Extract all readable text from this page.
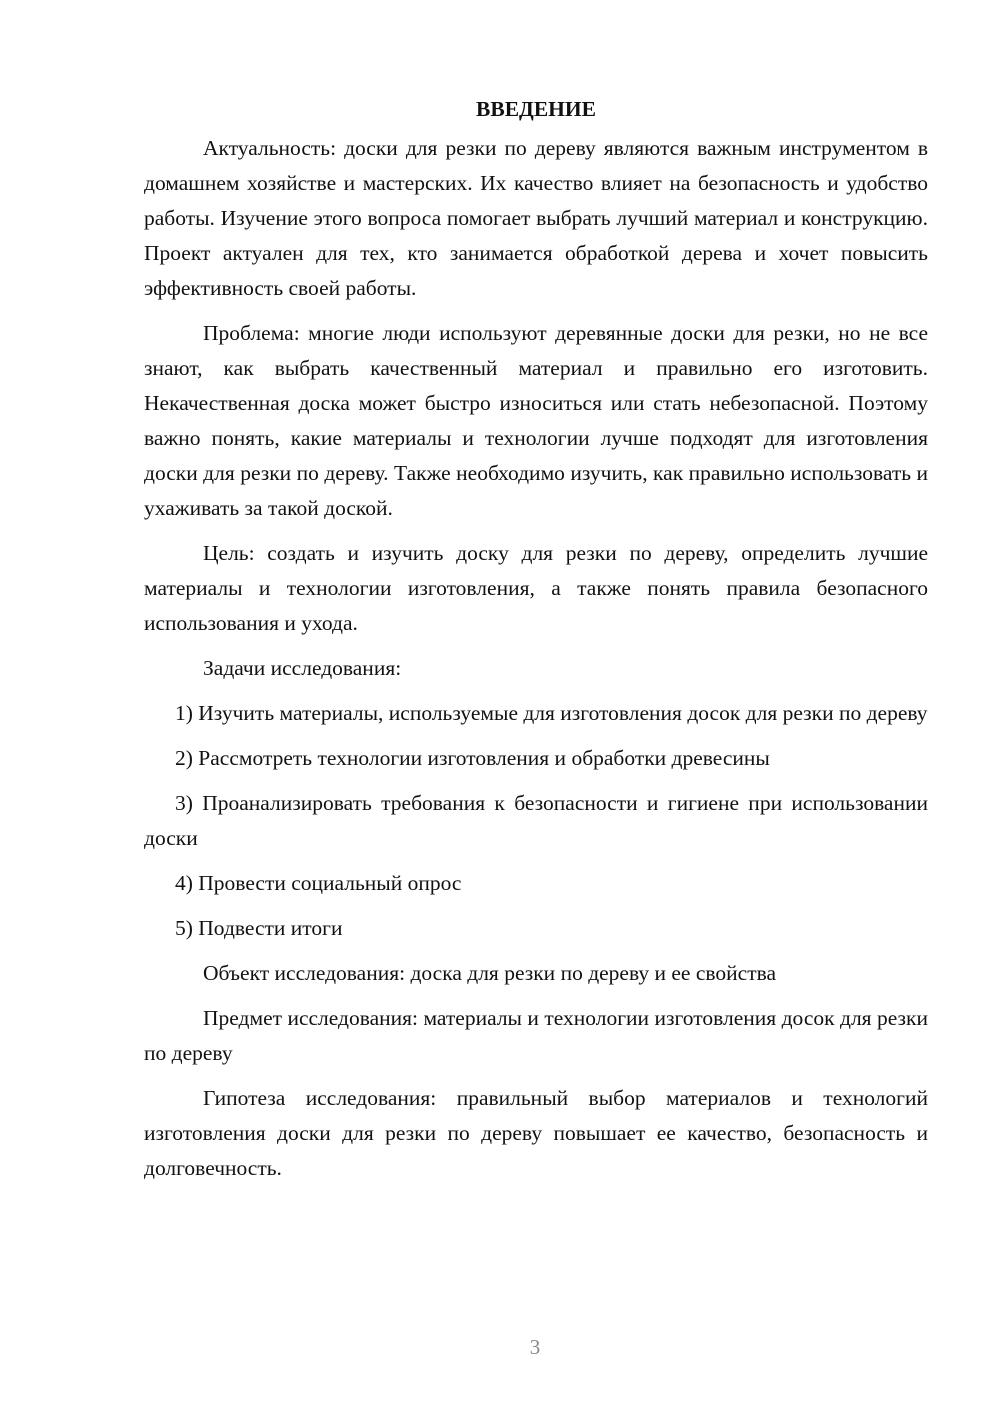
ВВЕДЕНИЕ

Актуальность: доски для резки по дереву являются важным инструментом в домашнем хозяйстве и мастерских. Их качество влияет на безопасность и удобство работы. Изучение этого вопроса помогает выбрать лучший материал и конструкцию. Проект актуален для тех, кто занимается обработкой дерева и хочет повысить эффективность своей работы.

Проблема: многие люди используют деревянные доски для резки, но не все знают, как выбрать качественный материал и правильно его изготовить. Некачественная доска может быстро износиться или стать небезопасной. Поэтому важно понять, какие материалы и технологии лучше подходят для изготовления доски для резки по дереву. Также необходимо изучить, как правильно использовать и ухаживать за такой доской.

Цель: создать и изучить доску для резки по дереву, определить лучшие материалы и технологии изготовления, а также понять правила безопасного использования и ухода.

Задачи исследования:

1) Изучить материалы, используемые для изготовления досок для резки по дереву

2) Рассмотреть технологии изготовления и обработки древесины

3) Проанализировать требования к безопасности и гигиене при использовании доски

4) Провести социальный опрос

5) Подвести итоги

Объект исследования: доска для резки по дереву и ее свойства

Предмет исследования: материалы и технологии изготовления досок для резки по дереву

Гипотеза исследования: правильный выбор материалов и технологий изготовления доски для резки по дереву повышает ее качество, безопасность и долговечность.

3
